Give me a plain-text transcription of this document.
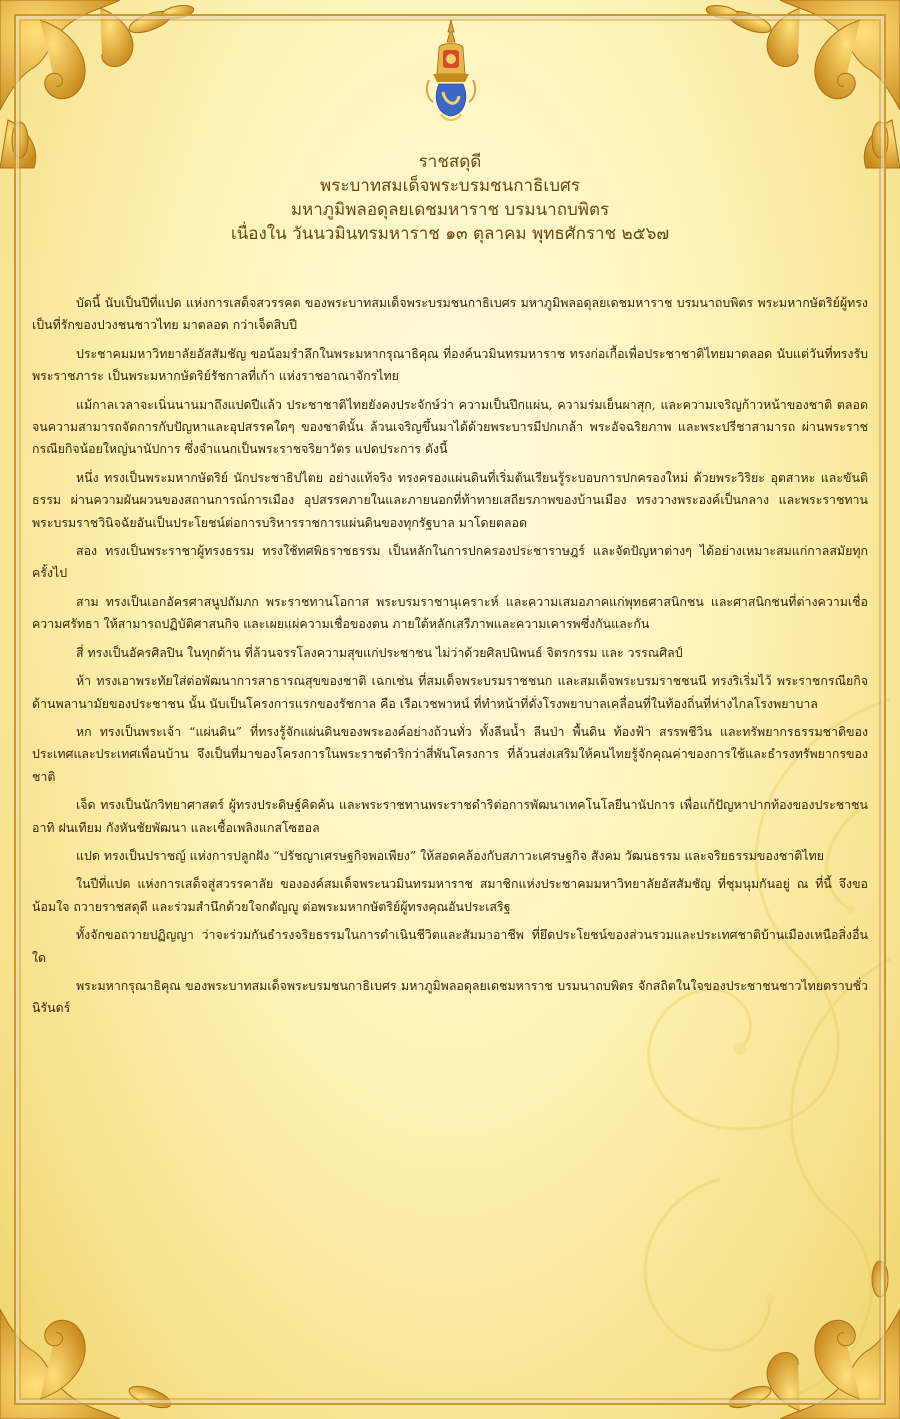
ราชสดุดี
พระบาทสมเด็จพระบรมชนกาธิเบศร
มหาภูมิพลอดุลยเดชมหาราช บรมนาถบพิตร
เนื่องใน วันนวมินทรมหาราช ๑๓ ตุลาคม พุทธศักราช ๒๕๖๗

บัดนี้ นับเป็นปีที่แปด แห่งการเสด็จสวรรคต ของพระบาทสมเด็จพระบรมชนกาธิเบศร มหาภูมิพลอดุลยเดชมหาราช บรมนาถบพิตร พระมหากษัตริย์ผู้ทรงเป็นที่รักของปวงชนชาวไทย มาตลอด กว่าเจ็ดสิบปี

ประชาคมมหาวิทยาลัยอัสสัมชัญ ขอน้อมรำลึกในพระมหากรุณาธิคุณ ที่องค์นวมินทรมหาราช ทรงก่อเกื้อเพื่อประชาชาติไทยมาตลอด นับแต่วันที่ทรงรับพระราชภาระ เป็นพระมหากษัตริย์รัชกาลที่เก้า แห่งราชอาณาจักรไทย

แม้กาลเวลาจะเนิ่นนานมาถึงแปดปีแล้ว ประชาชาติไทยยังคงประจักษ์ว่า ความเป็นปึกแผ่น, ความร่มเย็นผาสุก, และความเจริญก้าวหน้าของชาติ ตลอดจนความสามารถจัดการกับปัญหาและอุปสรรคใดๆ ของชาตินั้น ล้วนเจริญขึ้นมาได้ด้วยพระบารมีปกเกล้า พระอัจฉริยภาพ และพระปรีชาสามารถ ผ่านพระราชกรณียกิจน้อยใหญ่นานัปการ ซึ่งจำแนกเป็นพระราชจริยาวัตร แปดประการ ดังนี้

หนึ่ง ทรงเป็นพระมหากษัตริย์ นักประชาธิปไตย อย่างแท้จริง ทรงครองแผ่นดินที่เริ่มต้นเรียนรู้ระบอบการปกครองใหม่ ด้วยพระวิริยะ อุตสาหะ และขันติธรรม ผ่านความผันผวนของสถานการณ์การเมือง อุปสรรคภายในและภายนอกที่ท้าทายเสถียรภาพของบ้านเมือง ทรงวางพระองค์เป็นกลาง และพระราชทานพระบรมราชวินิจฉัยอันเป็นประโยชน์ต่อการบริหารราชการแผ่นดินของทุกรัฐบาล มาโดยตลอด

สอง ทรงเป็นพระราชาผู้ทรงธรรม ทรงใช้ทศพิธราชธรรม เป็นหลักในการปกครองประชาราษฎร์ และจัดปัญหาต่างๆ ได้อย่างเหมาะสมแก่กาลสมัยทุกครั้งไป

สาม ทรงเป็นเอกอัครศาสนูปถัมภก พระราชทานโอกาส พระบรมราชานุเคราะห์ และความเสมอภาคแก่พุทธศาสนิกชน และศาสนิกชนที่ต่างความเชื่อความศรัทธา ให้สามารถปฏิบัติศาสนกิจ และเผยแผ่ความเชื่อของตน ภายใต้หลักเสรีภาพและความเคารพซึ่งกันและกัน

สี่ ทรงเป็นอัครศิลปิน ในทุกด้าน ที่ล้วนจรรโลงความสุขแก่ประชาชน ไม่ว่าด้วยศิลปนิพนธ์ จิตรกรรม และ วรรณศิลป์

ห้า ทรงเอาพระทัยใส่ต่อพัฒนาการสาธารณสุขของชาติ เฉกเช่น ที่สมเด็จพระบรมราชชนก และสมเด็จพระบรมราชชนนี ทรงริเริ่มไว้ พระราชกรณียกิจด้านพลานามัยของประชาชน นั้น นับเป็นโครงการแรกของรัชกาล คือ เรือเวชพาหน์ ที่ทำหน้าที่ดั่งโรงพยาบาลเคลื่อนที่ในท้องถิ่นที่ห่างไกลโรงพยาบาล

หก ทรงเป็นพระเจ้า “แผ่นดิน” ที่ทรงรู้จักแผ่นดินของพระองค์อย่างถ้วนทั่ว ทั้งลีนน้ำ ลีนป่า พื้นดิน ท้องฟ้า สรรพชีวิน และทรัพยากรธรรมชาติของประเทศและประเทศเพื่อนบ้าน จึงเป็นที่มาของโครงการในพระราชดำริกว่าสี่พันโครงการ ที่ล้วนส่งเสริมให้คนไทยรู้จักคุณค่าของการใช้และธำรงทรัพยากรของชาติ

เจ็ด ทรงเป็นนักวิทยาศาสตร์ ผู้ทรงประดิษฐ์คิดค้น และพระราชทานพระราชดำริต่อการพัฒนาเทคโนโลยีนานัปการ เพื่อแก้ปัญหาปากท้องของประชาชน อาทิ ฝนเทียม กังหันชัยพัฒนา และเชื้อเพลิงแกสโซฮอล

แปด ทรงเป็นปราชญ์ แห่งการปลูกฝัง “ปรัชญาเศรษฐกิจพอเพียง” ให้สอดคล้องกับสภาวะเศรษฐกิจ สังคม วัฒนธรรม และจริยธรรมของชาติไทย

ในปีที่แปด แห่งการเสด็จสู่สวรรคาลัย ขององค์สมเด็จพระนวมินทรมหาราช สมาชิกแห่งประชาคมมหาวิทยาลัยอัสสัมชัญ ที่ชุมนุมกันอยู่ ณ ที่นี้ จึงขอน้อมใจ ถวายราชสดุดี และร่วมสำนึกด้วยใจกตัญญู ต่อพระมหากษัตริย์ผู้ทรงคุณอันประเสริฐ

ทั้งจักขอถวายปฏิญญา ว่าจะร่วมกันธำรงจริยธรรมในการดำเนินชีวิตและสัมมาอาชีพ ที่ยึดประโยชน์ของส่วนรวมและประเทศชาติบ้านเมืองเหนือสิ่งอื่นใด

พระมหากรุณาธิคุณ ของพระบาทสมเด็จพระบรมชนกาธิเบศร มหาภูมิพลอดุลยเดชมหาราช บรมนาถบพิตร จักสถิตในใจของประชาชนชาวไทยตราบชั่วนิรันดร์
